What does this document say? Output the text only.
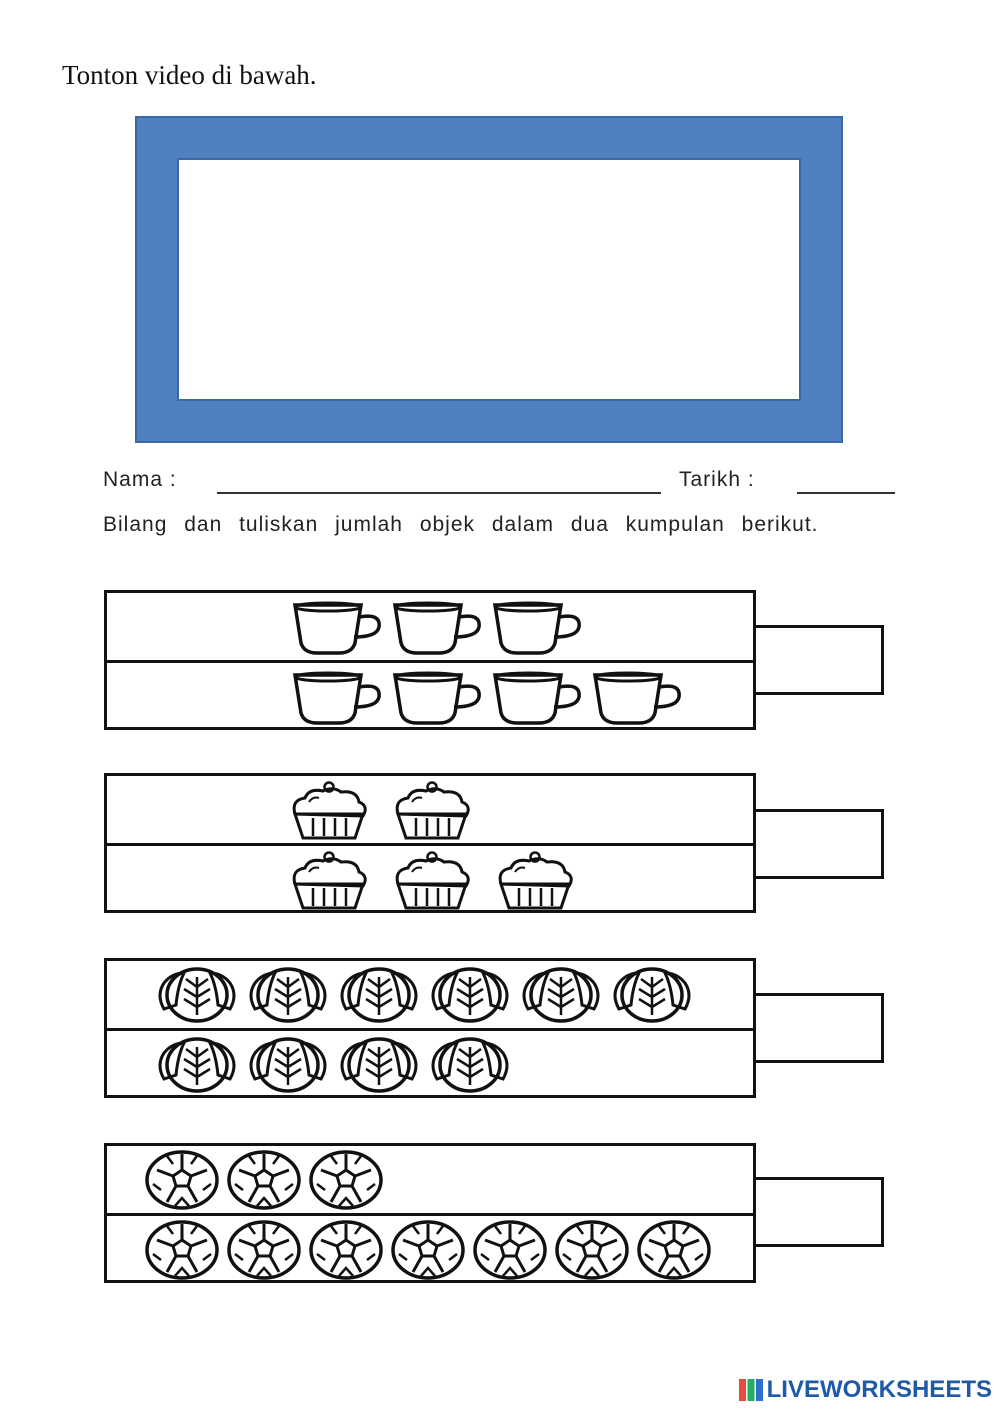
Tonton video di bawah.
Nama :	Tarikh :
Bilang dan tuliskan jumlah objek dalam dua kumpulan berikut.
LIVEWORKSHEETS
